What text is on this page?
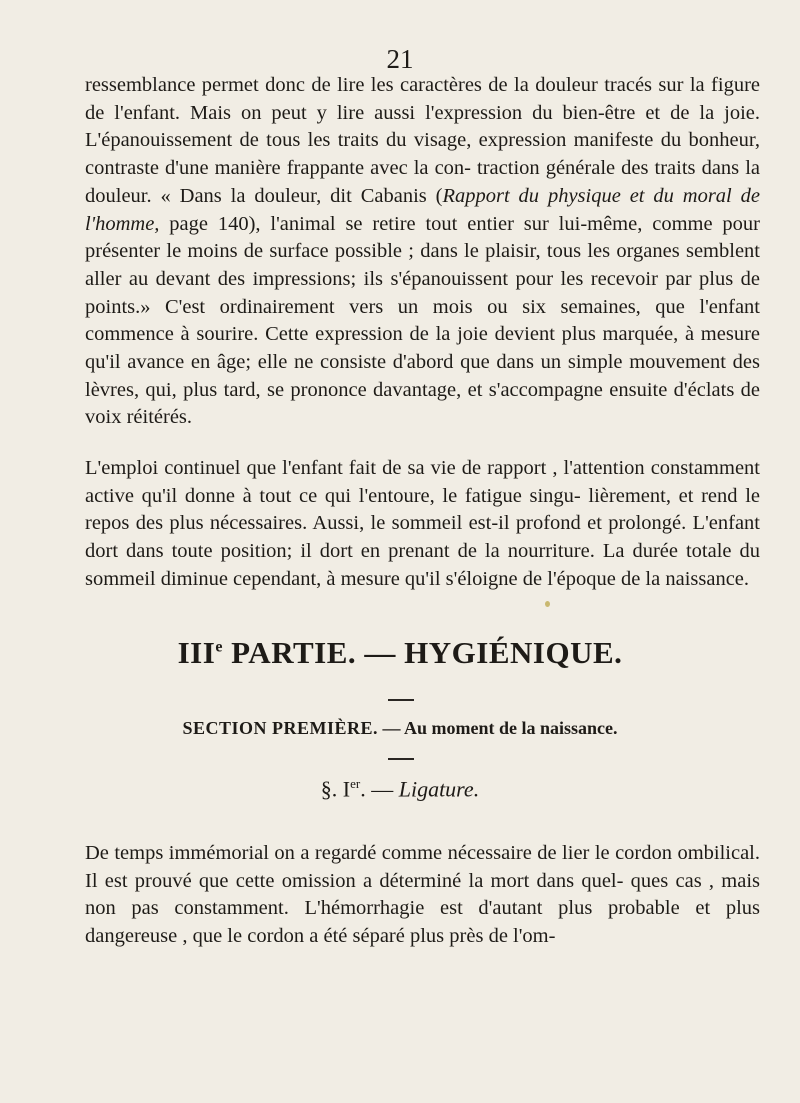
21

ressemblance permet donc de lire les caractères de la douleur tracés sur la figure de l'enfant. Mais on peut y lire aussi l'expression du bien-être et de la joie. L'épanouissement de tous les traits du visage, expression manifeste du bonheur, contraste d'une manière frappante avec la con- traction générale des traits dans la douleur. « Dans la douleur, dit Cabanis (Rapport du physique et du moral de l'homme, page 140), l'animal se retire tout entier sur lui-même, comme pour présenter le moins de surface possible ; dans le plaisir, tous les organes semblent aller au devant des impressions; ils s'épanouissent pour les recevoir par plus de points.» C'est ordinairement vers un mois ou six semaines, que l'enfant commence à sourire. Cette expression de la joie devient plus marquée, à mesure qu'il avance en âge; elle ne consiste d'abord que dans un simple mouvement des lèvres, qui, plus tard, se prononce davantage, et s'accompagne ensuite d'éclats de voix réitérés.

L'emploi continuel que l'enfant fait de sa vie de rapport , l'attention constamment active qu'il donne à tout ce qui l'entoure, le fatigue singu- lièrement, et rend le repos des plus nécessaires. Aussi, le sommeil est-il profond et prolongé. L'enfant dort dans toute position; il dort en prenant de la nourriture. La durée totale du sommeil diminue cependant, à mesure qu'il s'éloigne de l'époque de la naissance.

IIIe PARTIE. — HYGIÉNIQUE.
SECTION PREMIÈRE. — Au moment de la naissance.
§. Ier. — Ligature.

De temps immémorial on a regardé comme nécessaire de lier le cordon ombilical. Il est prouvé que cette omission a déterminé la mort dans quel- ques cas , mais non pas constamment. L'hémorrhagie est d'autant plus probable et plus dangereuse , que le cordon a été séparé plus près de l'om-
